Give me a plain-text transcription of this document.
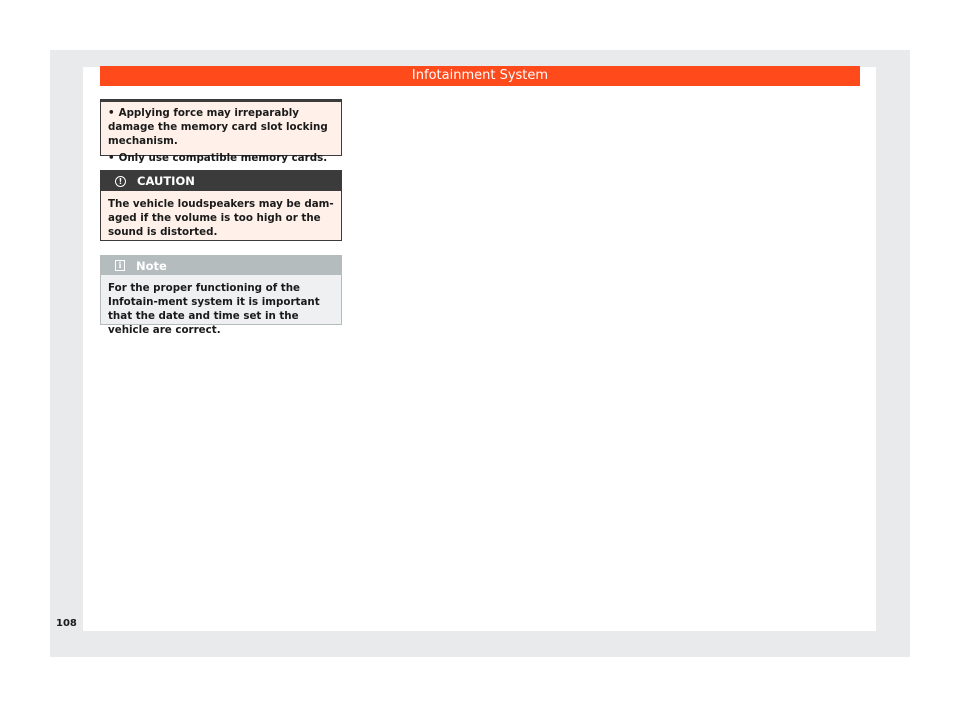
Infotainment System
• Applying force may irreparably damage the memory card slot locking mechanism.
• Only use compatible memory cards.
!	CAUTION
The vehicle loudspeakers may be dam-aged if the volume is too high or the sound is distorted.
i	Note
For the proper functioning of the Infotain-ment system it is important that the date and time set in the vehicle are correct.
108
